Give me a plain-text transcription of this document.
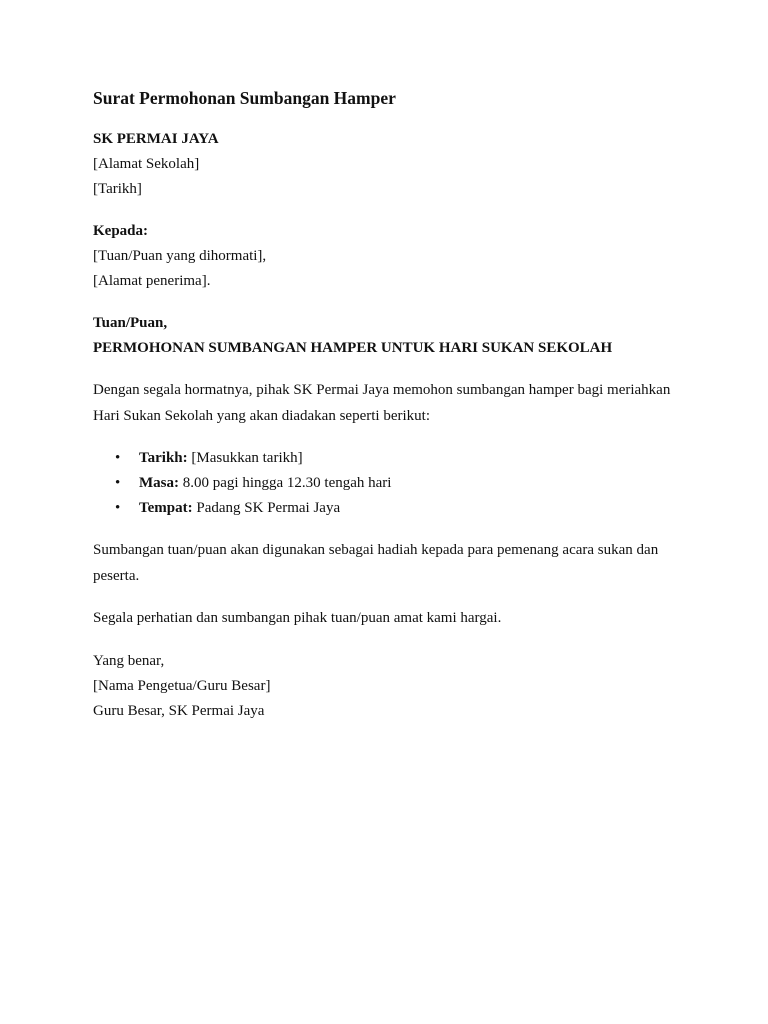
Surat Permohonan Sumbangan Hamper
SK PERMAI JAYA
[Alamat Sekolah]
[Tarikh]
Kepada:
[Tuan/Puan yang dihormati],
[Alamat penerima].
Tuan/Puan,
PERMOHONAN SUMBANGAN HAMPER UNTUK HARI SUKAN SEKOLAH

Dengan segala hormatnya, pihak SK Permai Jaya memohon sumbangan hamper bagi meriahkan Hari Sukan Sekolah yang akan diadakan seperti berikut:

• Tarikh: [Masukkan tarikh]
• Masa: 8.00 pagi hingga 12.30 tengah hari
• Tempat: Padang SK Permai Jaya

Sumbangan tuan/puan akan digunakan sebagai hadiah kepada para pemenang acara sukan dan peserta.

Segala perhatian dan sumbangan pihak tuan/puan amat kami hargai.

Yang benar,
[Nama Pengetua/Guru Besar]
Guru Besar, SK Permai Jaya
